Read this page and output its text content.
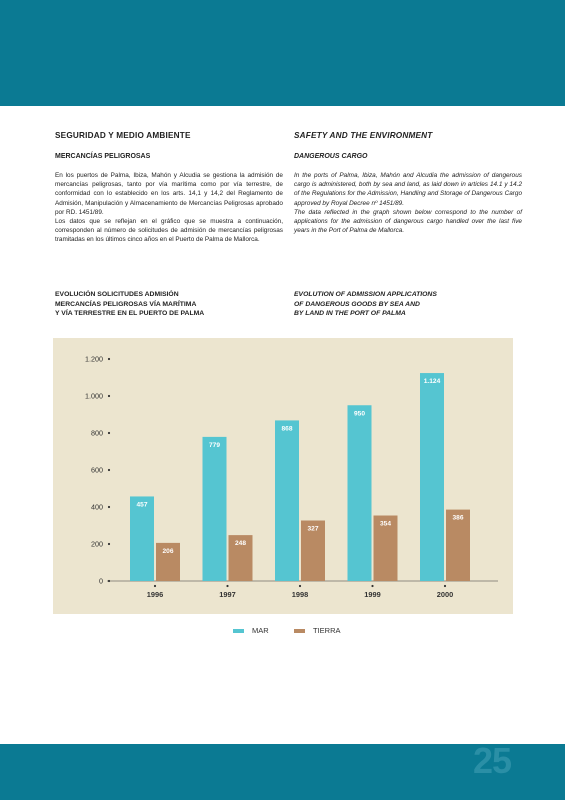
SEGURIDAD Y MEDIO AMBIENTE
MERCANCÍAS PELIGROSAS

En los puertos de Palma, Ibiza, Mahón y Alcudia se gestiona la admisión de mercancías peligrosas, tanto por vía marítima como por vía terrestre, de conformidad con lo establecido en los arts. 14,1 y 14,2 del Reglamento de Admisión, Manipulación y Almacenamiento de Mercancías Peligrosas aprobado por RD. 1451/89.

Los datos que se reflejan en el gráfico que se muestra a continuación, corresponden al número de solicitudes de admisión de mercancías peligrosas tramitadas en los últimos cinco años en el Puerto de Palma de Mallorca.

SAFETY AND THE ENVIRONMENT
DANGEROUS CARGO

In the ports of Palma, Ibiza, Mahón and Alcudia the admission of dangerous cargo is administered, both by sea and land, as laid down in articles 14.1 y 14.2 of the Regulations for the Admission, Handling and Storage of Dangerous Cargo approved by Royal Decree nº 1451/89.

The data reflected in the graph shown below correspond to the number of applications for the admission of dangerous cargo handled over the last five years in the Port of Palma de Mallorca.

EVOLUCIÓN SOLICITUDES ADMISIÓN
MERCANCÍAS PELIGROSAS VÍA MARÍTIMA
Y VÍA TERRESTRE EN EL PUERTO DE PALMA
EVOLUTION OF ADMISSION APPLICATIONS
OF DANGEROUS GOODS BY SEA AND
BY LAND IN THE PORT OF PALMA
0
200
400
600
800
1.000
1.200
457
206
1996
779
248
1997
868
327
1998
950
354
1999
1.124
386
2000
MAR	TIERRA
25
